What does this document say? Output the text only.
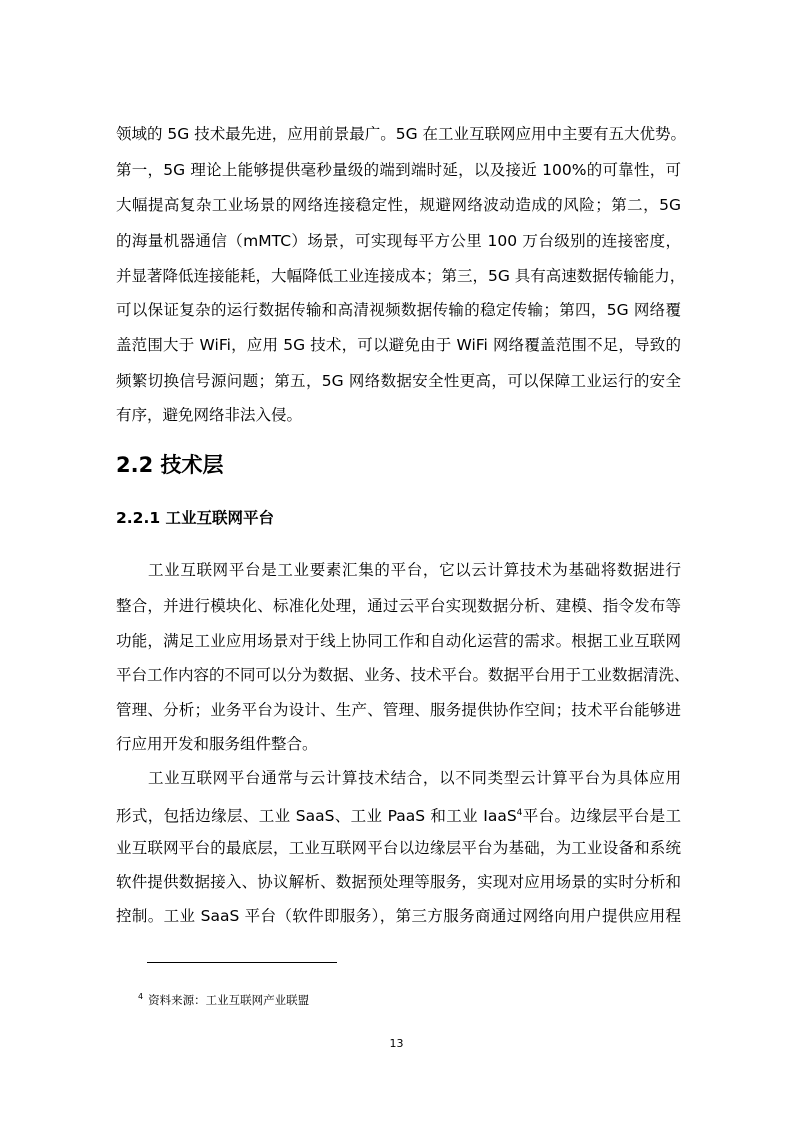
领域的 5G 技术最先进，应用前景最广。5G 在工业互联网应用中主要有五大优势。
第一，5G 理论上能够提供毫秒量级的端到端时延，以及接近 100%的可靠性，可
大幅提高复杂工业场景的网络连接稳定性，规避网络波动造成的风险；第二，5G
的海量机器通信（mMTC）场景，可实现每平方公里 100 万台级别的连接密度，
并显著降低连接能耗，大幅降低工业连接成本；第三，5G 具有高速数据传输能力，
可以保证复杂的运行数据传输和高清视频数据传输的稳定传输；第四，5G 网络覆
盖范围大于 WiFi，应用 5G 技术，可以避免由于 WiFi 网络覆盖范围不足，导致的
频繁切换信号源问题；第五，5G 网络数据安全性更高，可以保障工业运行的安全
有序，避免网络非法入侵。
2.2 技术层
2.2.1 工业互联网平台
工业互联网平台是工业要素汇集的平台，它以云计算技术为基础将数据进行
整合，并进行模块化、标准化处理，通过云平台实现数据分析、建模、指令发布等
功能，满足工业应用场景对于线上协同工作和自动化运营的需求。根据工业互联网
平台工作内容的不同可以分为数据、业务、技术平台。数据平台用于工业数据清洗、
管理、分析；业务平台为设计、生产、管理、服务提供协作空间；技术平台能够进
行应用开发和服务组件整合。
工业互联网平台通常与云计算技术结合，以不同类型云计算平台为具体应用
形式，包括边缘层、工业 SaaS、工业 PaaS 和工业 IaaS$^4$平台。边缘层平台是工
业互联网平台的最底层，工业互联网平台以边缘层平台为基础，为工业设备和系统
软件提供数据接入、协议解析、数据预处理等服务，实现对应用场景的实时分析和
控制。工业 SaaS 平台（软件即服务），第三方服务商通过网络向用户提供应用程
$^4$ 资料来源：工业互联网产业联盟
13
